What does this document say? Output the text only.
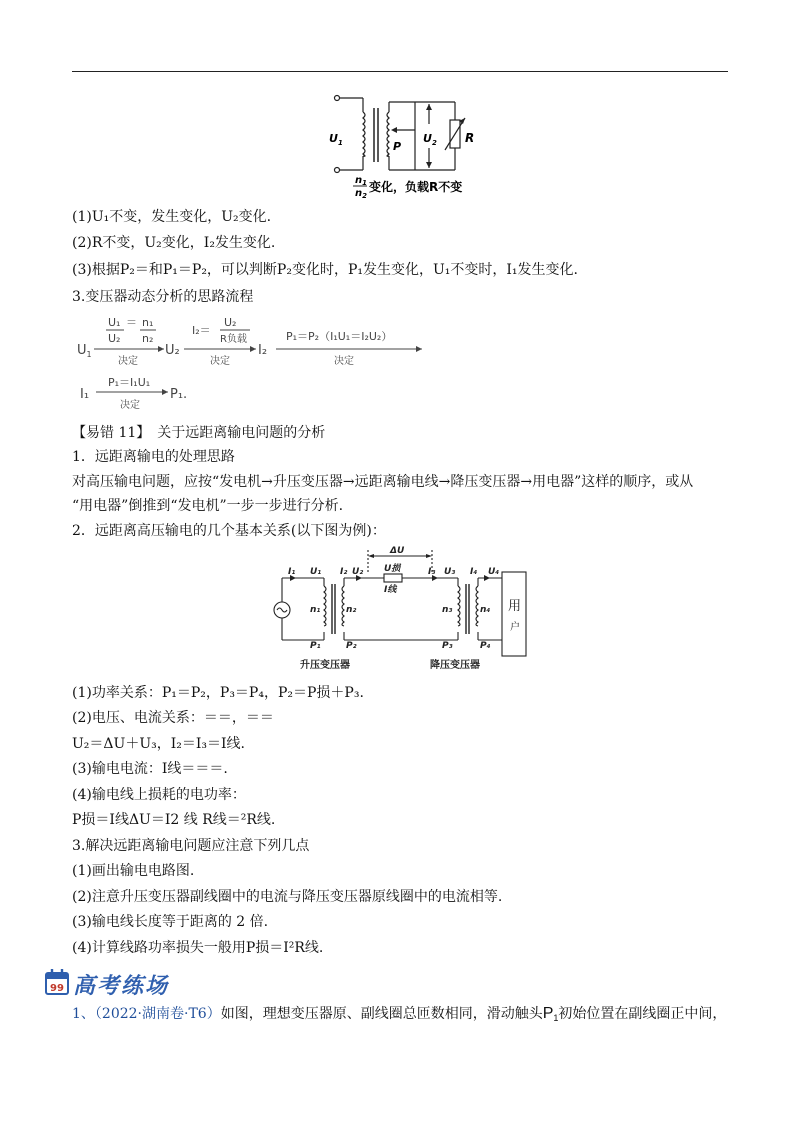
$U_1$	P
$U_2$ R
$n_1$
$n_2$
变化，负载R不变
(1)U₁不变，发生变化，U₂变化.
(2)R不变，U₂变化，I₂发生变化.
(3)根据P₂＝和P₁＝P₂，可以判断P₂变化时，P₁发生变化，U₁不变时，I₁发生变化.
3.变压器动态分析的思路流程
$U_1$
U₁ ＝ n₁
U₂ n₂
决定
U₂
I₂＝
U₂
R负载
决定
I₂
P₁＝P₂（I₁U₁＝I₂U₂）
决定
I₁
P₁＝I₁U₁
决定
P₁.
【易错 11】　关于远距离输电问题的分析
1．远距离输电的处理思路
对高压输电问题，应按“发电机→升压变压器→远距离输电线→降压变压器→用电器”这样的顺序，或从
“用电器”倒推到“发电机”一步一步进行分析.
2．远距离高压输电的几个基本关系(以下图为例)：
ΔU
I₁ U₁ I₂ U₂ U损
I线
I₃ U₃ I₄ U₄
n₁	n₂	n₃	n₄
P₁	P₂	P₃	P₄
用
户
升压变压器	降压变压器
(1)功率关系：P₁＝P₂，P₃＝P₄，P₂＝P损＋P₃.
(2)电压、电流关系：＝＝，＝＝
U₂＝ΔU＋U₃，I₂＝I₃＝I线.
(3)输电电流：I线＝＝＝.
(4)输电线上损耗的电功率：
P损＝I线ΔU＝I2 线 R线＝²R线.
3.解决远距离输电问题应注意下列几点
(1)画出输电电路图.
(2)注意升压变压器副线圈中的电流与降压变压器原线圈中的电流相等.
(3)输电线长度等于距离的 2 倍.
(4)计算线路功率损失一般用P损＝I²R线.
99 高考练场
1、（2022·湖南卷·T6）如图，理想变压器原、副线圈总匝数相同，滑动触头$P_1$初始位置在副线圈正中间，
